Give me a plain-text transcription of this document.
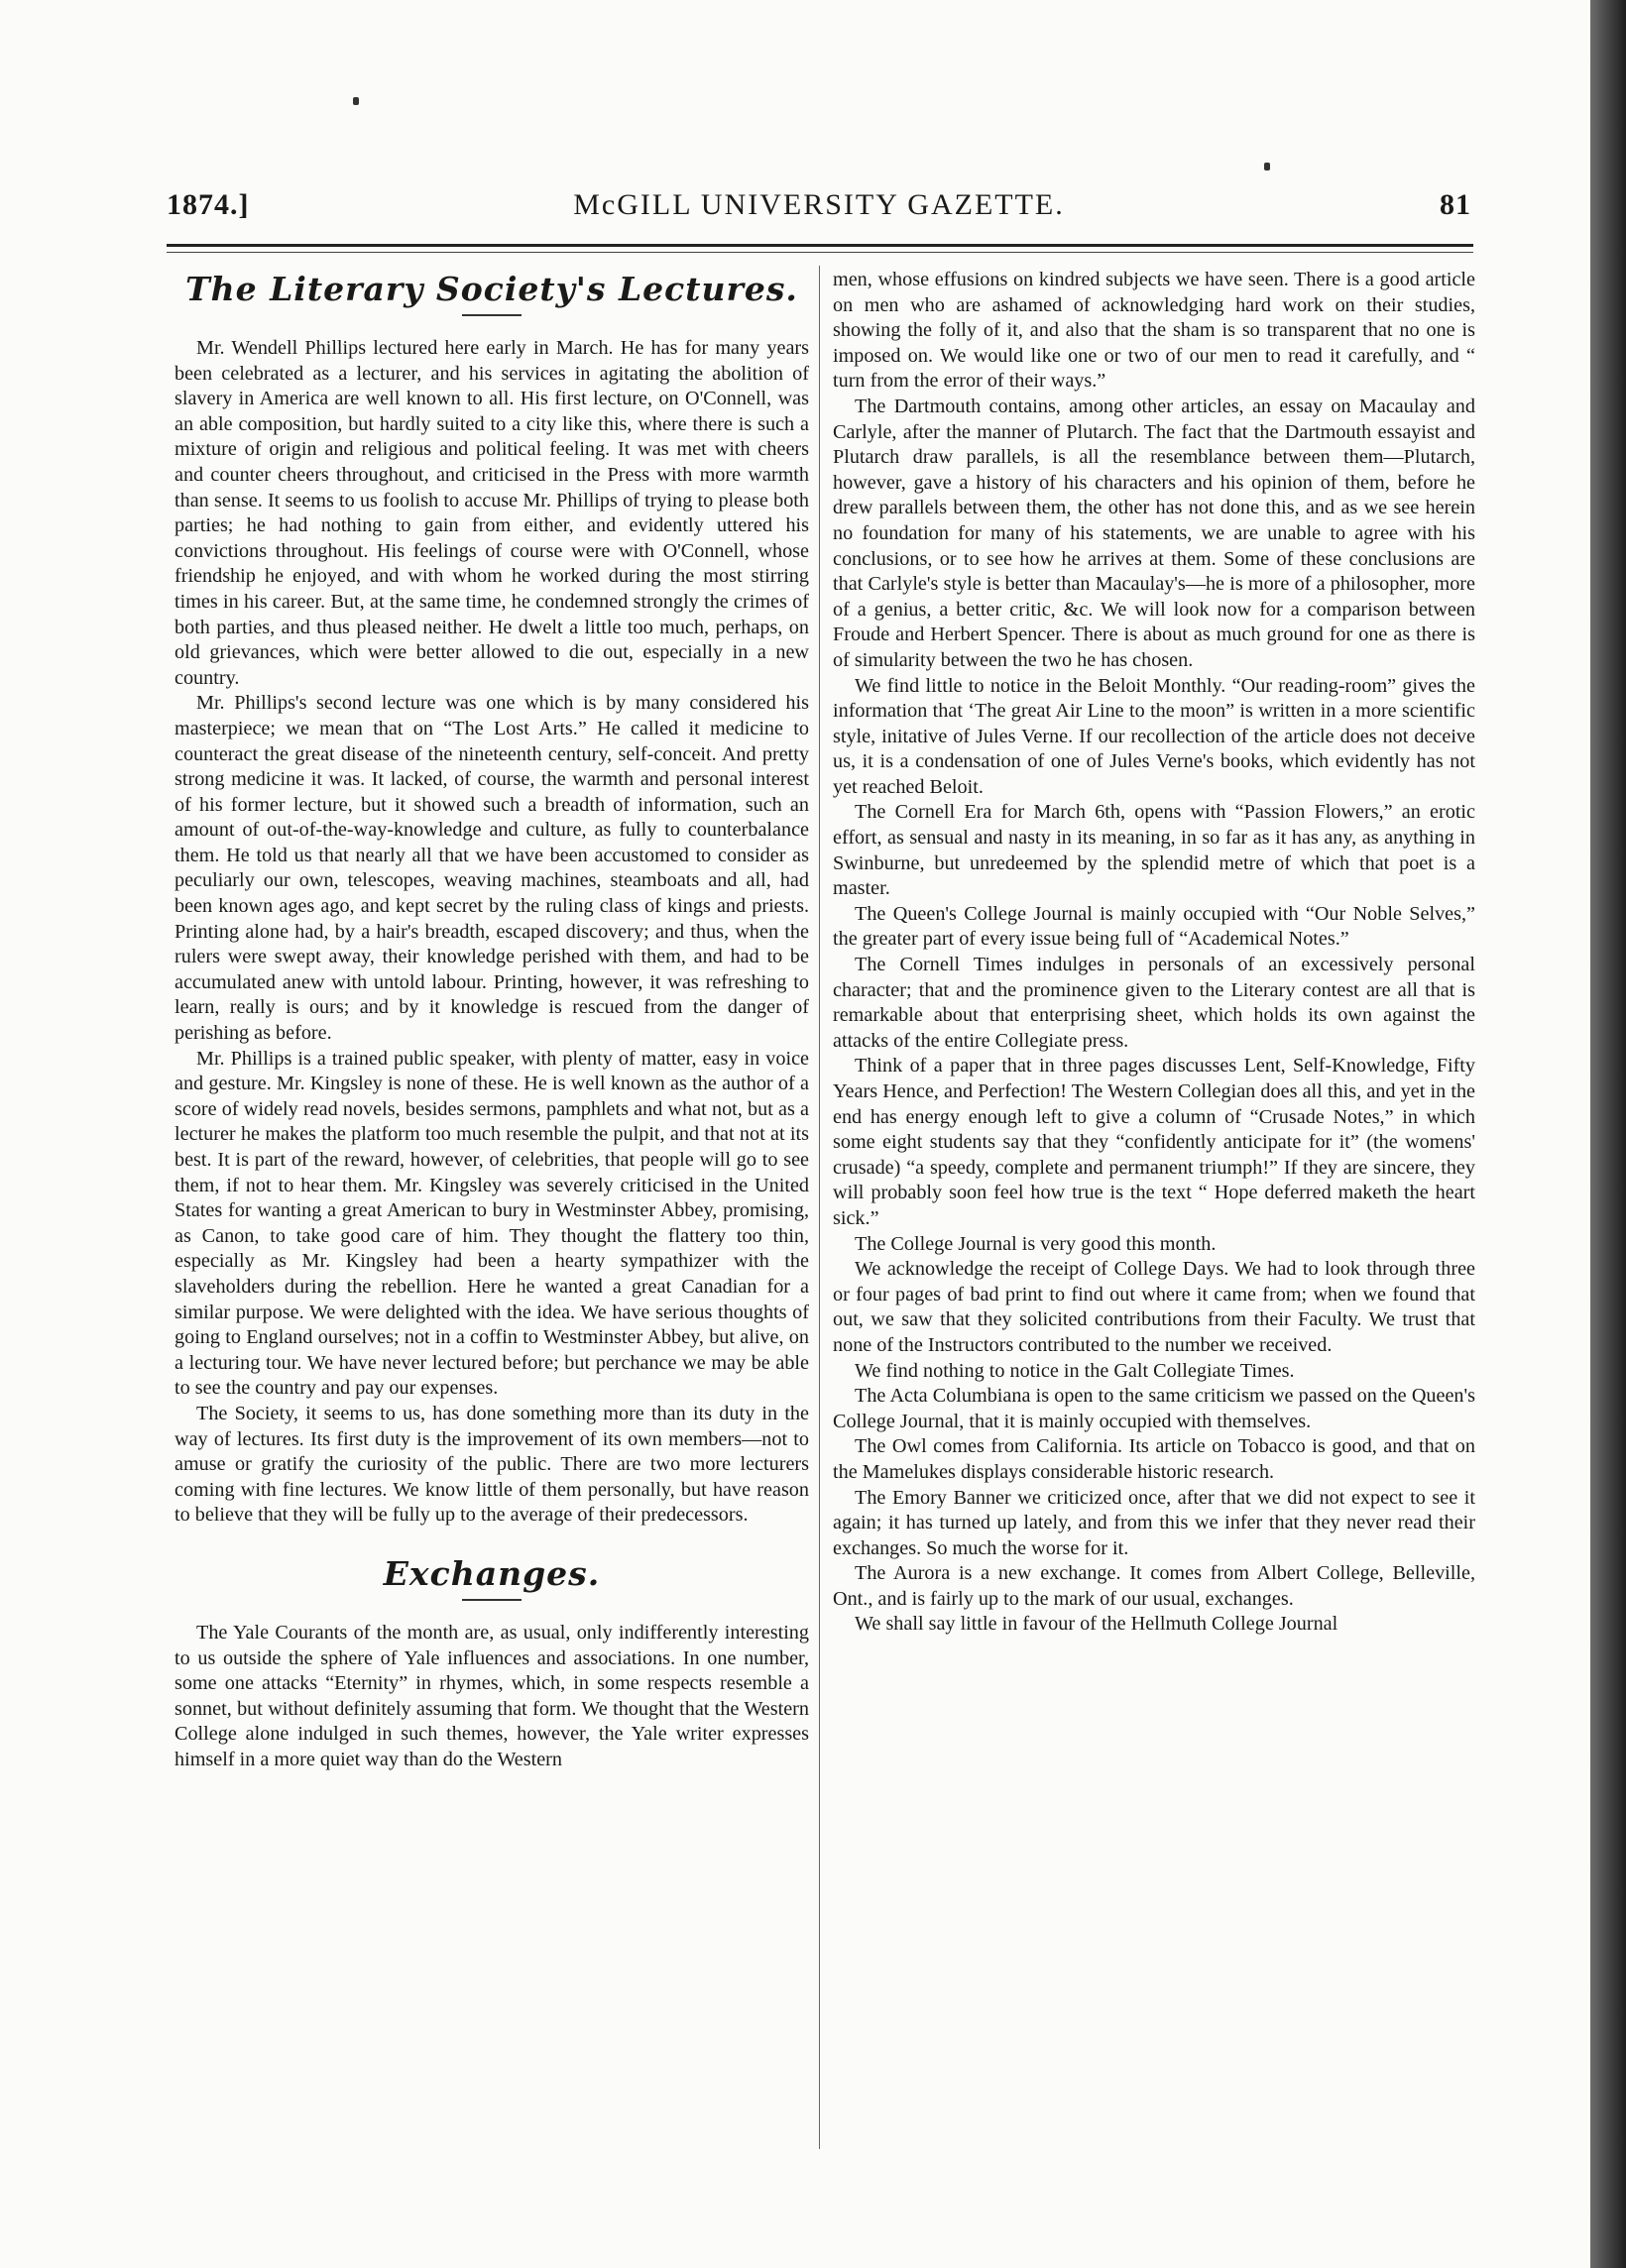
1874.]	McGILL UNIVERSITY GAZETTE.	81
The Literary Society's Lectures.

Mr. Wendell Phillips lectured here early in March. He has for many years been celebrated as a lecturer, and his services in agitating the abolition of slavery in America are well known to all. His first lecture, on O'Connell, was an able composition, but hardly suited to a city like this, where there is such a mixture of origin and religious and political feeling. It was met with cheers and counter cheers throughout, and criticised in the Press with more warmth than sense. It seems to us foolish to accuse Mr. Phillips of trying to please both parties; he had nothing to gain from either, and evidently uttered his convictions throughout. His feelings of course were with O'Connell, whose friendship he enjoyed, and with whom he worked during the most stirring times in his career. But, at the same time, he condemned strongly the crimes of both parties, and thus pleased neither. He dwelt a little too much, perhaps, on old grievances, which were better allowed to die out, especially in a new country.

Mr. Phillips's second lecture was one which is by many considered his masterpiece; we mean that on “The Lost Arts.” He called it medicine to counteract the great disease of the nineteenth century, self-conceit. And pretty strong medicine it was. It lacked, of course, the warmth and personal interest of his former lecture, but it showed such a breadth of information, such an amount of out-of-the-way-knowledge and culture, as fully to counterbalance them. He told us that nearly all that we have been accustomed to consider as peculiarly our own, telescopes, weaving machines, steamboats and all, had been known ages ago, and kept secret by the ruling class of kings and priests. Printing alone had, by a hair's breadth, escaped discovery; and thus, when the rulers were swept away, their knowledge perished with them, and had to be accumulated anew with untold labour. Printing, however, it was refreshing to learn, really is ours; and by it knowledge is rescued from the danger of perishing as before.

Mr. Phillips is a trained public speaker, with plenty of matter, easy in voice and gesture. Mr. Kingsley is none of these. He is well known as the author of a score of widely read novels, besides sermons, pamphlets and what not, but as a lecturer he makes the platform too much resemble the pulpit, and that not at its best. It is part of the reward, however, of celebrities, that people will go to see them, if not to hear them. Mr. Kingsley was severely criticised in the United States for wanting a great American to bury in Westminster Abbey, promising, as Canon, to take good care of him. They thought the flattery too thin, especially as Mr. Kingsley had been a hearty sympathizer with the slaveholders during the rebellion. Here he wanted a great Canadian for a similar purpose. We were delighted with the idea. We have serious thoughts of going to England ourselves; not in a coffin to Westminster Abbey, but alive, on a lecturing tour. We have never lectured before; but perchance we may be able to see the country and pay our expenses.

The Society, it seems to us, has done something more than its duty in the way of lectures. Its first duty is the improvement of its own members—not to amuse or gratify the curiosity of the public. There are two more lecturers coming with fine lectures. We know little of them personally, but have reason to believe that they will be fully up to the average of their predecessors.

Exchanges.

The Yale Courants of the month are, as usual, only indifferently interesting to us outside the sphere of Yale influences and associations. In one number, some one attacks “Eternity” in rhymes, which, in some respects resemble a sonnet, but without definitely assuming that form. We thought that the Western College alone indulged in such themes, however, the Yale writer expresses himself in a more quiet way than do the Western

men, whose effusions on kindred subjects we have seen. There is a good article on men who are ashamed of acknowledging hard work on their studies, showing the folly of it, and also that the sham is so transparent that no one is imposed on. We would like one or two of our men to read it carefully, and “ turn from the error of their ways.”

The Dartmouth contains, among other articles, an essay on Macaulay and Carlyle, after the manner of Plutarch. The fact that the Dartmouth essayist and Plutarch draw parallels, is all the resemblance between them—Plutarch, however, gave a history of his characters and his opinion of them, before he drew parallels between them, the other has not done this, and as we see herein no foundation for many of his statements, we are unable to agree with his conclusions, or to see how he arrives at them. Some of these conclusions are that Carlyle's style is better than Macaulay's—he is more of a philosopher, more of a genius, a better critic, &c. We will look now for a comparison between Froude and Herbert Spencer. There is about as much ground for one as there is of simularity between the two he has chosen.

We find little to notice in the Beloit Monthly. “Our reading-room” gives the information that ‘The great Air Line to the moon” is written in a more scientific style, initative of Jules Verne. If our recollection of the article does not deceive us, it is a condensation of one of Jules Verne's books, which evidently has not yet reached Beloit.

The Cornell Era for March 6th, opens with “Passion Flowers,” an erotic effort, as sensual and nasty in its meaning, in so far as it has any, as anything in Swinburne, but unredeemed by the splendid metre of which that poet is a master.

The Queen's College Journal is mainly occupied with “Our Noble Selves,” the greater part of every issue being full of “Academical Notes.”

The Cornell Times indulges in personals of an excessively personal character; that and the prominence given to the Literary contest are all that is remarkable about that enterprising sheet, which holds its own against the attacks of the entire Collegiate press.

Think of a paper that in three pages discusses Lent, Self-Knowledge, Fifty Years Hence, and Perfection! The Western Collegian does all this, and yet in the end has energy enough left to give a column of “Crusade Notes,” in which some eight students say that they “confidently anticipate for it” (the womens' crusade) “a speedy, complete and permanent triumph!” If they are sincere, they will probably soon feel how true is the text “ Hope deferred maketh the heart sick.”

The College Journal is very good this month.

We acknowledge the receipt of College Days. We had to look through three or four pages of bad print to find out where it came from; when we found that out, we saw that they solicited contributions from their Faculty. We trust that none of the Instructors contributed to the number we received.

We find nothing to notice in the Galt Collegiate Times.

The Acta Columbiana is open to the same criticism we passed on the Queen's College Journal, that it is mainly occupied with themselves.

The Owl comes from California. Its article on Tobacco is good, and that on the Mamelukes displays considerable historic research.

The Emory Banner we criticized once, after that we did not expect to see it again; it has turned up lately, and from this we infer that they never read their exchanges. So much the worse for it.

The Aurora is a new exchange. It comes from Albert College, Belleville, Ont., and is fairly up to the mark of our usual, exchanges.

We shall say little in favour of the Hellmuth College Journal
